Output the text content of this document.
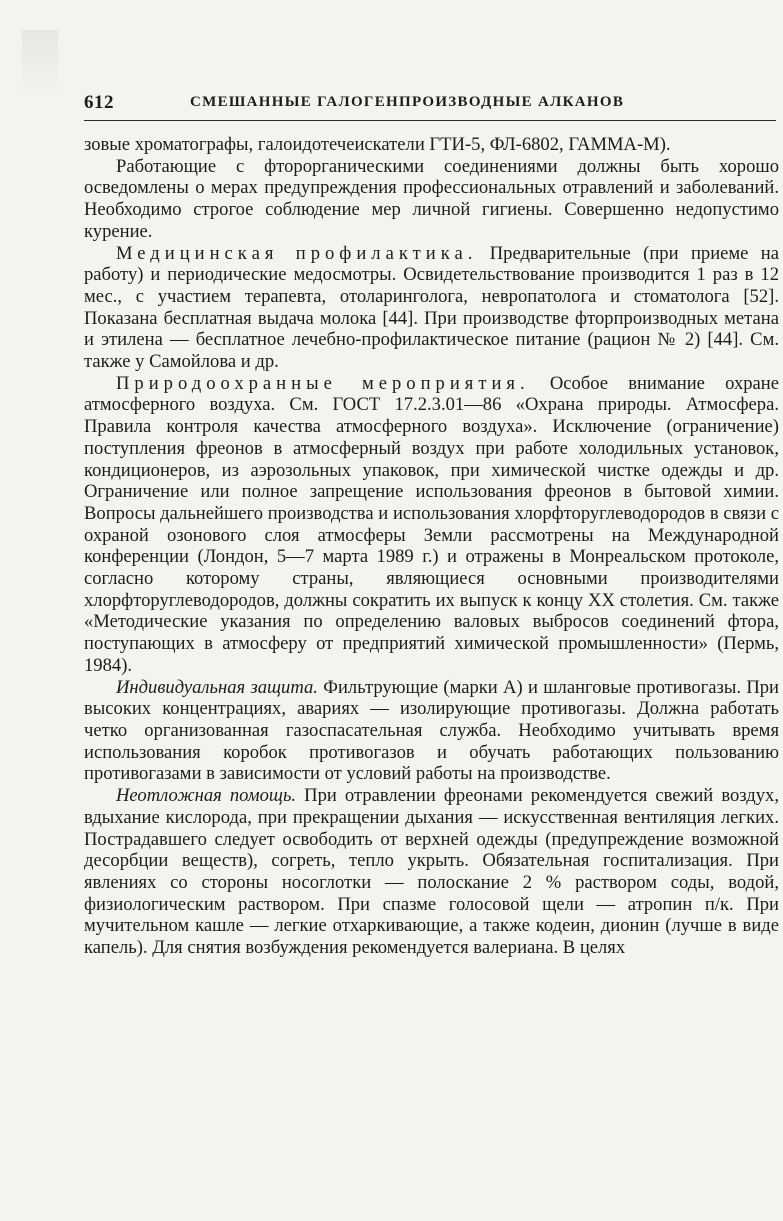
612	СМЕШАННЫЕ ГАЛОГЕНПРОИЗВОДНЫЕ АЛКАНОВ

зовые хроматографы, галоидотечеискатели ГТИ-5, ФЛ-6802, ГАММА-М).

Работающие с фторорганическими соединениями должны быть хорошо осведомлены о мерах предупреждения профессиональных отравлений и заболеваний. Необходимо строгое соблюдение мер личной гигиены. Совершенно недопустимо курение.

Медицинская профилактика. Предварительные (при приеме на работу) и периодические медосмотры. Освидетельствование производится 1 раз в 12 мес., с участием терапевта, отоларинголога, невропатолога и стоматолога [52]. Показана бесплатная выдача молока [44]. При производстве фторпроизводных метана и этилена — бесплатное лечебно-профилактическое питание (рацион № 2) [44]. См. также у Самойлова и др.

Природоохранные мероприятия. Особое внимание охране атмосферного воздуха. См. ГОСТ 17.2.3.01—86 «Охрана природы. Атмосфера. Правила контроля качества атмосферного воздуха». Исключение (ограничение) поступления фреонов в атмосферный воздух при работе холодильных установок, кондиционеров, из аэрозольных упаковок, при химической чистке одежды и др. Ограничение или полное запрещение использования фреонов в бытовой химии. Вопросы дальнейшего производства и использования хлорфторуглеводородов в связи с охраной озонового слоя атмосферы Земли рассмотрены на Международной конференции (Лондон, 5—7 марта 1989 г.) и отражены в Монреальском протоколе, согласно которому страны, являющиеся основными производителями хлорфторуглеводородов, должны сократить их выпуск к концу XX столетия. См. также «Методические указания по определению валовых выбросов соединений фтора, поступающих в атмосферу от предприятий химической промышленности» (Пермь, 1984).

Индивидуальная защита. Фильтрующие (марки А) и шланговые противогазы. При высоких концентрациях, авариях — изолирующие противогазы. Должна работать четко организованная газоспасательная служба. Необходимо учитывать время использования коробок противогазов и обучать работающих пользованию противогазами в зависимости от условий работы на производстве.

Неотложная помощь. При отравлении фреонами рекомендуется свежий воздух, вдыхание кислорода, при прекращении дыхания — искусственная вентиляция легких. Пострадавшего следует освободить от верхней одежды (предупреждение возможной десорбции веществ), согреть, тепло укрыть. Обязательная госпитализация. При явлениях со стороны носоглотки — полоскание 2 % раствором соды, водой, физиологическим раствором. При спазме голосовой щели — атропин п/к. При мучительном кашле — легкие отхаркивающие, а также кодеин, дионин (лучше в виде капель). Для снятия возбуждения рекомендуется валериана. В целях
